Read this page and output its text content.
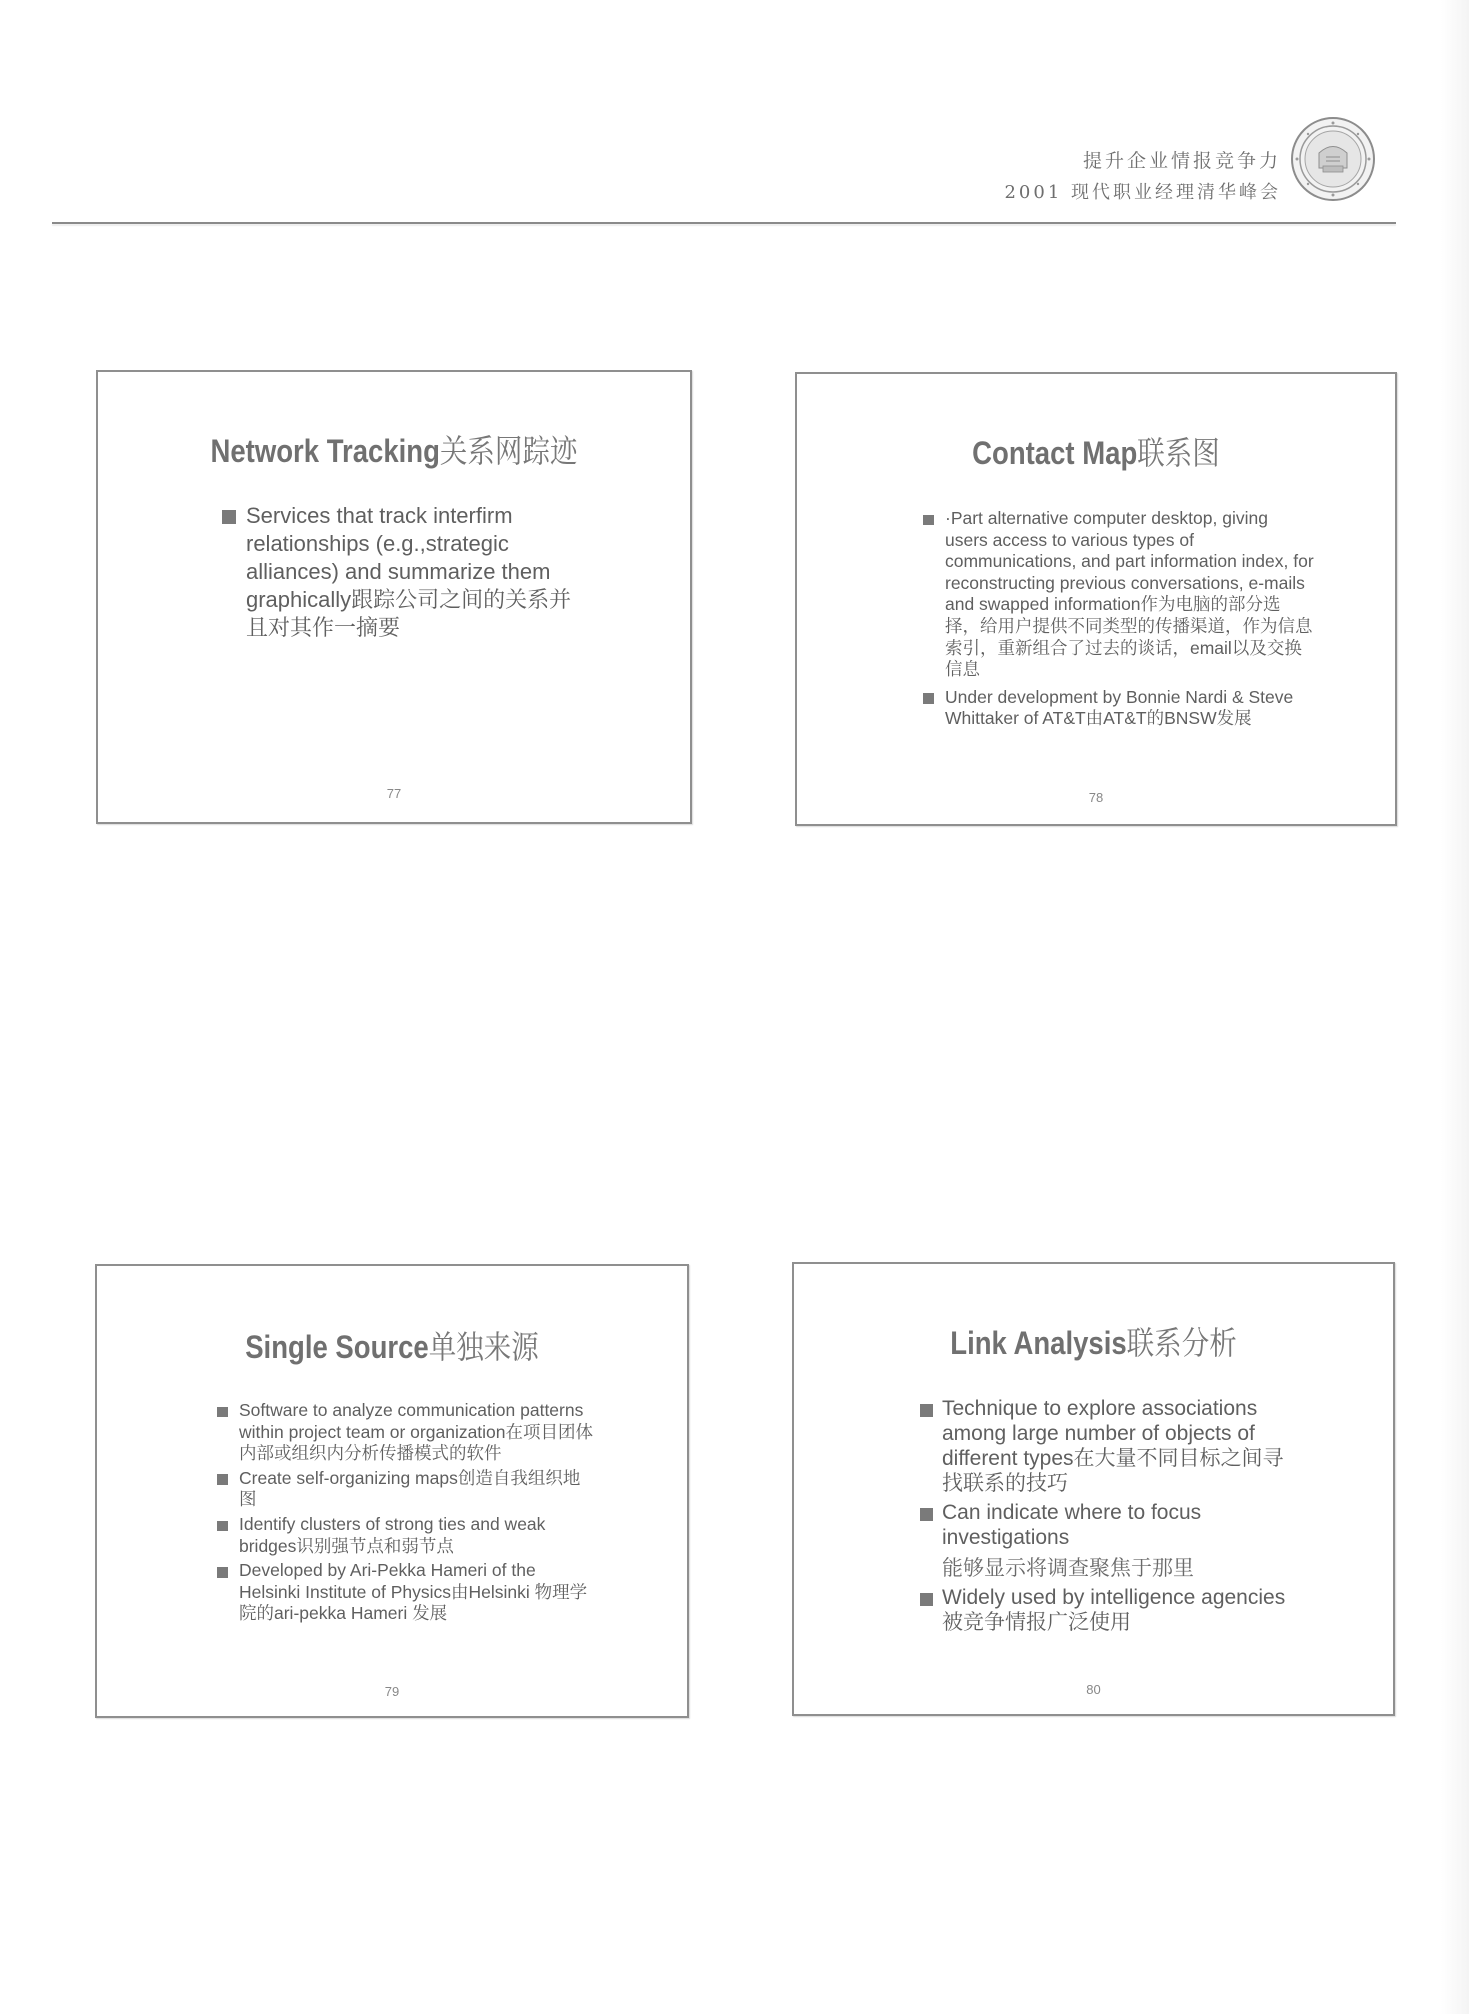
提升企业情报竞争力
2001 现代职业经理清华峰会
Network Tracking关系网踪迹
Services that track interfirm relationships (e.g.,strategic alliances) and summarize them graphically跟踪公司之间的关系并且对其作一摘要
77
Contact Map联系图
·Part alternative computer desktop, giving users access to various types of communications, and part information index, for reconstructing previous conversations, e-mails and swapped information作为电脑的部分选择，给用户提供不同类型的传播渠道，作为信息索引，重新组合了过去的谈话，email以及交换信息
Under development by Bonnie Nardi & Steve Whittaker of AT&T由AT&T的BNSW发展
78
Single Source单独来源
Software to analyze communication patterns within project team or organization在项目团体内部或组织内分析传播模式的软件
Create self-organizing maps创造自我组织地图
Identify clusters of strong ties and weak bridges识别强节点和弱节点
Developed by Ari-Pekka Hameri of the Helsinki Institute of Physics由Helsinki 物理学院的ari-pekka Hameri 发展
79
Link Analysis联系分析
Technique to explore associations among large number of objects of different types在大量不同目标之间寻找联系的技巧
Can indicate where to focus investigations
能够显示将调查聚焦于那里
Widely used by intelligence agencies被竞争情报广泛使用
80
